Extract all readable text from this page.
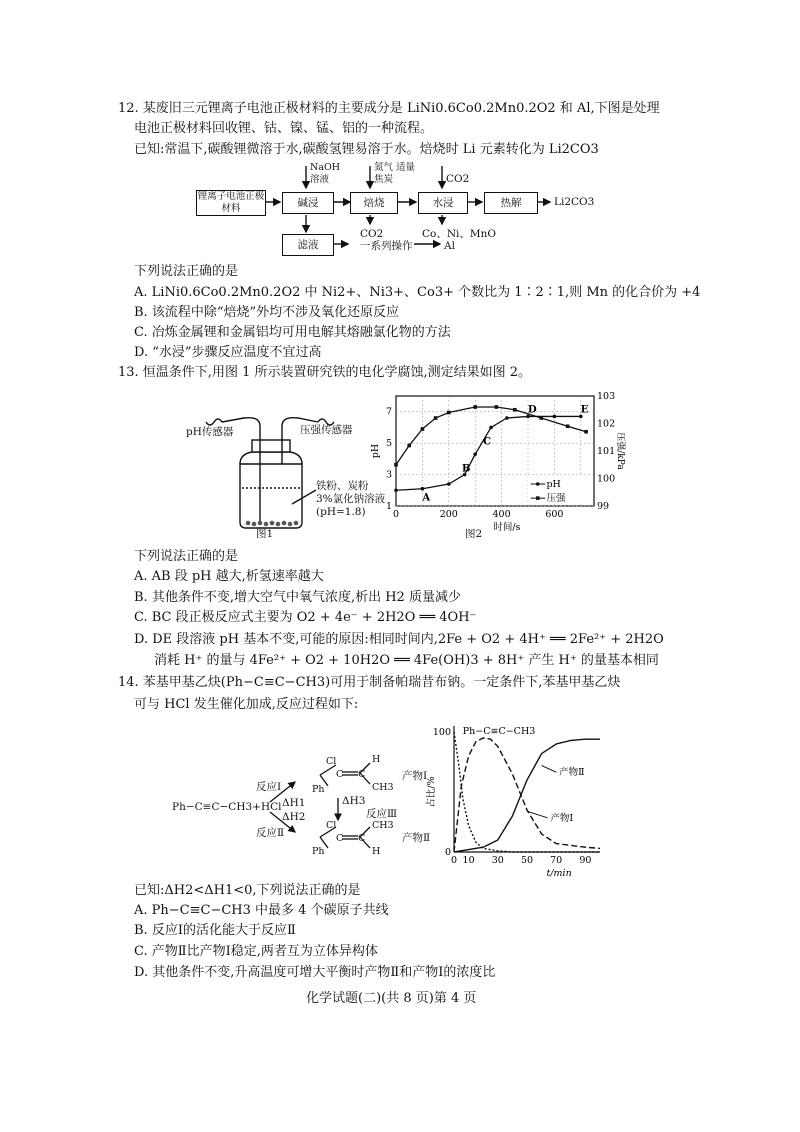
12. 某废旧三元锂离子电池正极材料的主要成分是 LiNi0.6Co0.2Mn0.2O2 和 Al,下图是处理
电池正极材料回收锂、钴、镍、锰、铝的一种流程。
已知:常温下,碳酸锂微溶于水,碳酸氢锂易溶于水。焙烧时 Li 元素转化为 Li2CO3
锂离子电池正极材料	碱浸	焙烧	水浸	热解
滤液
NaOH溶液
氮气 适量焦炭	CO2
Li2CO3
CO2	Co、Ni、MnO
一系列操作	Al
下列说法正确的是
A. LiNi0.6Co0.2Mn0.2O2 中 Ni2+、Ni3+、Co3+ 个数比为 1∶2∶1,则 Mn 的化合价为 +4
B. 该流程中除“焙烧”外均不涉及氧化还原反应
C. 冶炼金属锂和金属铝均可用电解其熔融氯化物的方法
D. “水浸”步骤反应温度不宜过高
13. 恒温条件下,用图 1 所示装置研究铁的电化学腐蚀,测定结果如图 2。
pH传感器	压强传感器
铁粉、炭粉
3%氯化钠溶液
(pH=1.8)
图1
0	200	400	600
1
3
5
7
99
100
101
102
103
时间/s
pH	压强/kPa
A
B
C
D	E
pH
压强
图2
下列说法正确的是
A. AB 段 pH 越大,析氢速率越大
B. 其他条件不变,增大空气中氧气浓度,析出 H2 质量减少
C. BC 段正极反应式主要为 O2 + 4e⁻ + 2H2O ══ 4OH⁻
D. DE 段溶液 pH 基本不变,可能的原因:相同时间内,2Fe + O2 + 4H⁺ ══ 2Fe²⁺ + 2H2O
消耗 H⁺ 的量与 4Fe²⁺ + O2 + 10H2O ══ 4Fe(OH)3 + 8H⁺ 产生 H⁺ 的量基本相同
14. 苯基甲基乙炔(Ph−C≡C−CH3)可用于制备帕瑞昔布钠。一定条件下,苯基甲基乙炔
可与 HCl 发生催化加成,反应过程如下:
Cl
C C
H
Ph	CH3
Cl
C C
CH3
Ph	H
Ph−C≡C−CH3+HCl
反应Ⅰ
ΔH1
ΔH2
反应Ⅱ
ΔH3
反应Ⅲ
产物Ⅰ
产物Ⅱ
0 10 30 50 70 90
0
100
t/min
占比/%
Ph−C≡C−CH3
产物Ⅱ
产物Ⅰ
已知:ΔH2<ΔH1<0,下列说法正确的是
A. Ph−C≡C−CH3 中最多 4 个碳原子共线
B. 反应Ⅰ的活化能大于反应Ⅱ
C. 产物Ⅱ比产物Ⅰ稳定,两者互为立体异构体
D. 其他条件不变,升高温度可增大平衡时产物Ⅱ和产物Ⅰ的浓度比
化学试题(二)(共 8 页)第 4 页
